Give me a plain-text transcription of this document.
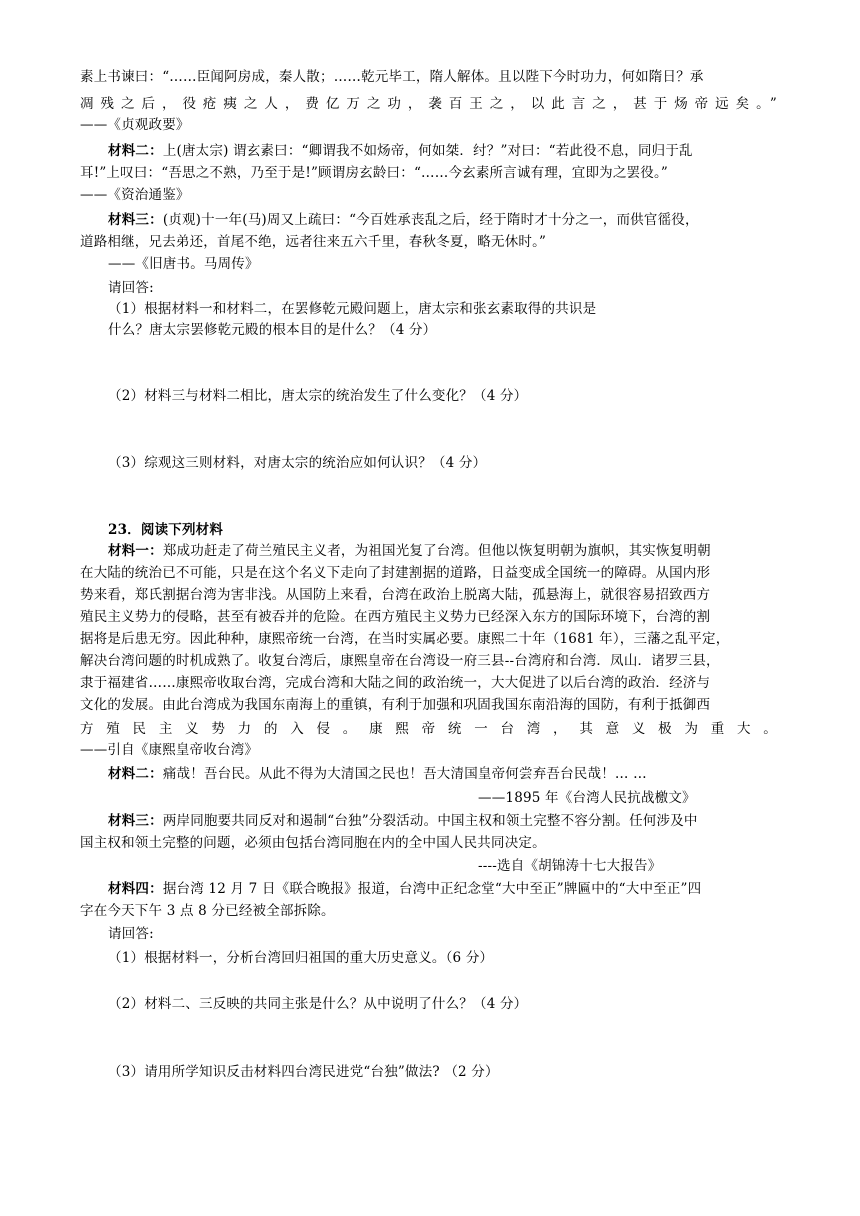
素上书谏曰：“……臣闻阿房成，秦人散；……乾元毕工，隋人解体。且以陛下今时功力，何如隋日？承
凋残之后，役疮痍之人，费亿万之功，袭百王之，以此言之，甚于炀帝远矣。”
——《贞观政要》
材料二：上(唐太宗) 谓玄素曰：“卿谓我不如炀帝，何如桀．纣？”对曰：“若此役不息，同归于乱
耳!”上叹曰：“吾思之不熟，乃至于是!”顾谓房玄龄曰：“……今玄素所言诚有理，宜即为之罢役。”
——《资治通鉴》
材料三：(贞观)十一年(马)周又上疏曰：“今百姓承丧乱之后，经于隋时才十分之一，而供官徭役，
道路相继，兄去弟还，首尾不绝，远者往来五六千里，春秋冬夏，略无休时。”
——《旧唐书。马周传》
请回答:
（1）根据材料一和材料二，在罢修乾元殿问题上，唐太宗和张玄素取得的共识是
什么？唐太宗罢修乾元殿的根本目的是什么？（4 分）
（2）材料三与材料二相比，唐太宗的统治发生了什么变化？（4 分）
（3）综观这三则材料，对唐太宗的统治应如何认识？（4 分）
23．阅读下列材料
材料一：郑成功赶走了荷兰殖民主义者，为祖国光复了台湾。但他以恢复明朝为旗帜，其实恢复明朝
在大陆的统治已不可能，只是在这个名义下走向了封建割据的道路，日益变成全国统一的障碍。从国内形
势来看，郑氏割据台湾为害非浅。从国防上来看，台湾在政治上脱离大陆，孤悬海上，就很容易招致西方
殖民主义势力的侵略，甚至有被吞并的危险。在西方殖民主义势力已经深入东方的国际环境下，台湾的割
据将是后患无穷。因此种种，康熙帝统一台湾，在当时实属必要。康熙二十年（1681 年），三藩之乱平定，
解决台湾问题的时机成熟了。收复台湾后，康熙皇帝在台湾设一府三县--台湾府和台湾．凤山．诸罗三县，
隶于福建省……康熙帝收取台湾，完成台湾和大陆之间的政治统一，大大促进了以后台湾的政治．经济与
文化的发展。由此台湾成为我国东南海上的重镇，有利于加强和巩固我国东南沿海的国防，有利于抵御西
方殖民主义势力的入侵。康熙帝统一台湾，其意义极为重大。
——引自《康熙皇帝收台湾》
材料二：痛哉！吾台民。从此不得为大清国之民也！吾大清国皇帝何尝弃吾台民哉！… …
——1895 年《台湾人民抗战檄文》
材料三：两岸同胞要共同反对和遏制“台独”分裂活动。中国主权和领土完整不容分割。任何涉及中
国主权和领土完整的问题，必须由包括台湾同胞在内的全中国人民共同决定。
----选自《胡锦涛十七大报告》
材料四：据台湾 12 月 7 日《联合晚报》报道，台湾中正纪念堂“大中至正”牌匾中的“大中至正”四
字在今天下午 3 点 8 分已经被全部拆除。
请回答:
（1）根据材料一，分析台湾回归祖国的重大历史意义。（6 分）
（2）材料二、三反映的共同主张是什么？从中说明了什么？（4 分）
（3）请用所学知识反击材料四台湾民进党“台独”做法? （2 分）
